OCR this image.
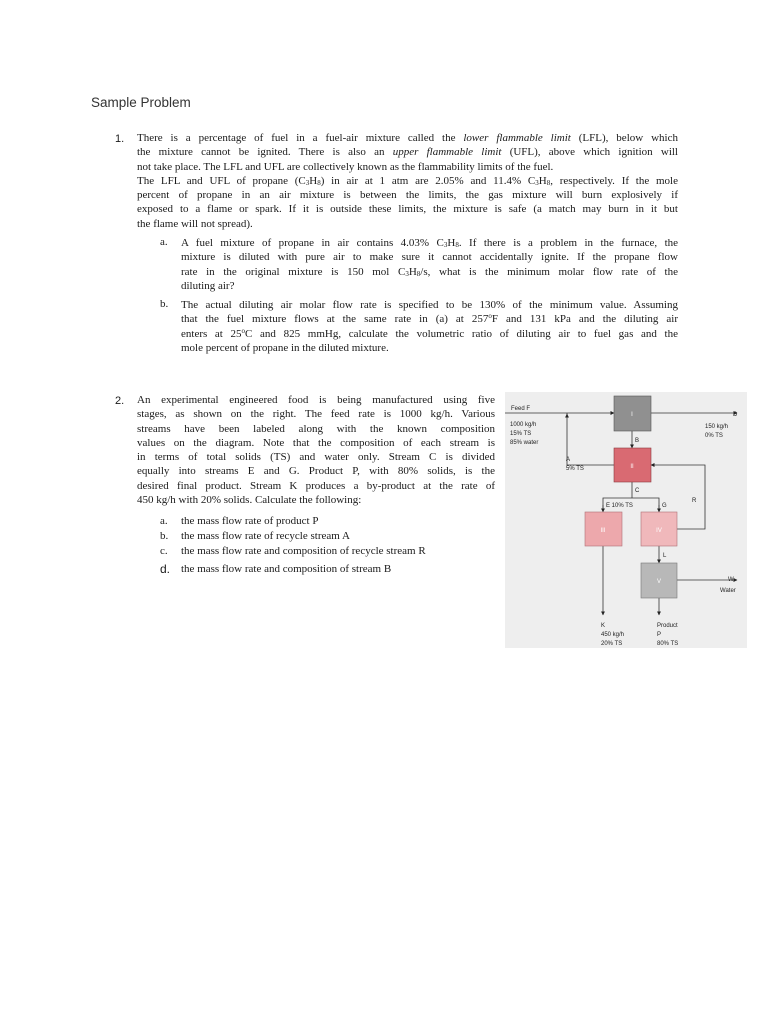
Sample Problem
1. There is a percentage of fuel in a fuel-air mixture called the lower flammable limit (LFL), below which
the mixture cannot be ignited. There is also an upper flammable limit (UFL), above which ignition will
not take place. The LFL and UFL are collectively known as the flammability limits of the fuel.
The LFL and UFL of propane $(C_3H_8)$ in air at 1 atm are 2.05% and 11.4% $C_3H_8$, respectively. If the mole
percent of propane in an air mixture is between the limits, the gas mixture will burn explosively if
exposed to a flame or spark. If it is outside these limits, the mixture is safe (a match may burn in it but
the flame will not spread).
a. A fuel mixture of propane in air contains 4.03% $C_3H_8$. If there is a problem in the furnace, the
mixture is diluted with pure air to make sure it cannot accidentally ignite. If the propane flow
rate in the original mixture is 150 mol $C_3H_8/s$, what is the minimum molar flow rate of the
diluting air?
b. The actual diluting air molar flow rate is specified to be 130% of the minimum value. Assuming
that the fuel mixture flows at the same rate in (a) at 257$^o$F and 131 kPa and the diluting air
enters at 25$^o$C and 825 mmHg, calculate the volumetric ratio of diluting air to fuel gas and the
mole percent of propane in the diluted mixture.
2. An experimental engineered food is being manufactured using five
stages, as shown on the right. The feed rate is 1000 kg/h. Various
streams have been labeled along with the known composition
values on the diagram. Note that the composition of each stream is
in terms of total solids (TS) and water only. Stream C is divided
equally into streams E and G. Product P, with 80% solids, is the
desired final product. Stream K produces a by-product at the rate of
450 kg/h with 20% solids. Calculate the following:
a. the mass flow rate of product P
b. the mass flow rate of recycle stream A
c. the mass flow rate and composition of recycle stream R
d. the mass flow rate and composition of stream B
I
II
III	IV
V
Feed F
1000 kg/h
15% TS
85% water
D
150 kg/h
0% TS
B
A
5% TS
C
E 10% TS	G
R
L
W
Water
K
450 kg/h
20% TS
Product
P
80% TS
